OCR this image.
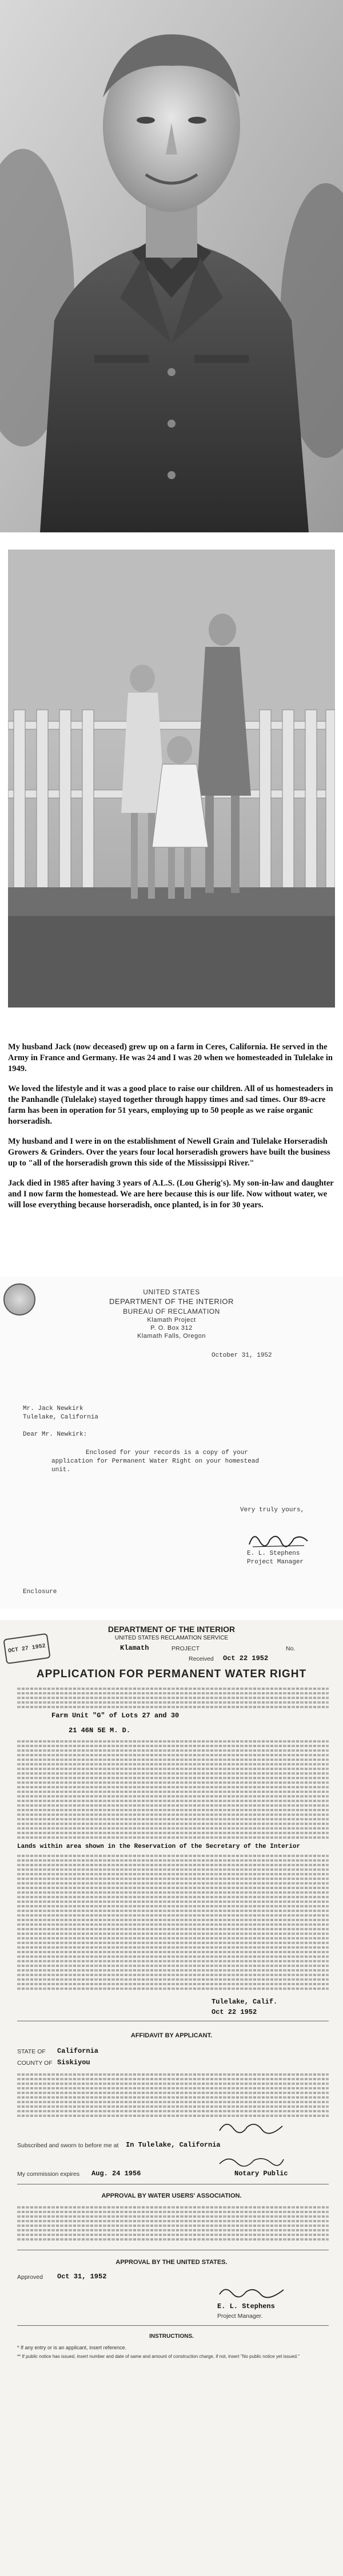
My husband Jack (now deceased) grew up on a farm in Ceres, California. He served in the Army in France and Germany. He was 24 and I was 20 when we homesteaded in Tulelake in 1949.

We loved the lifestyle and it was a good place to raise our children. All of us homesteaders in the Panhandle (Tulelake) stayed together through happy times and sad times. Our 89-acre farm has been in operation for 51 years, employing up to 50 people as we raise organic horseradish.

My husband and I were in on the establishment of Newell Grain and Tulelake Horseradish Growers & Grinders. Over the years four local horseradish growers have built the business up to "all of the horseradish grown this side of the Mississippi River."

Jack died in 1985 after having 3 years of A.L.S. (Lou Gherig's). My son-in-law and daughter and I now farm the homestead. We are here because this is our life. Now without water, we will lose everything because horseradish, once planted, is in for 30 years.

UNITED STATES
DEPARTMENT OF THE INTERIOR
BUREAU OF RECLAMATION
Klamath Project
P. O. Box 312
Klamath Falls, Oregon
October 31, 1952
Mr. Jack Newkirk
Tulelake, California
Dear Mr. Newkirk:
Enclosed for your records is a copy of your
application for Permanent Water Right on your homestead
unit.
Very truly yours,
E. L. Stephens
Project Manager
Enclosure
DEPARTMENT OF THE INTERIOR
UNITED STATES RECLAMATION SERVICE
OCT 27 1952	Klamath	PROJECT	No.
Received Oct 22 1952
APPLICATION FOR PERMANENT WATER RIGHT
Farm Unit "G" of Lots 27 and 30
21 46N 5E M. D.
Lands within area shown in the Reservation of the Secretary of the Interior
Tulelake, Calif.
Oct 22 1952
AFFIDAVIT BY APPLICANT.
STATE OF California
COUNTY OF Siskiyou
Subscribed and sworn to before me at In Tulelake, California
My commission expires Aug. 24 1956	Notary Public
APPROVAL BY WATER USERS' ASSOCIATION.
APPROVAL BY THE UNITED STATES.
Approved Oct 31, 1952
E. L. Stephens
Project Manager.
INSTRUCTIONS.
* If any entry or is an applicant, insert reference.
** If public notice has issued, insert number and date of same and amount of construction charge, if not, insert "No public notice yet issued."
